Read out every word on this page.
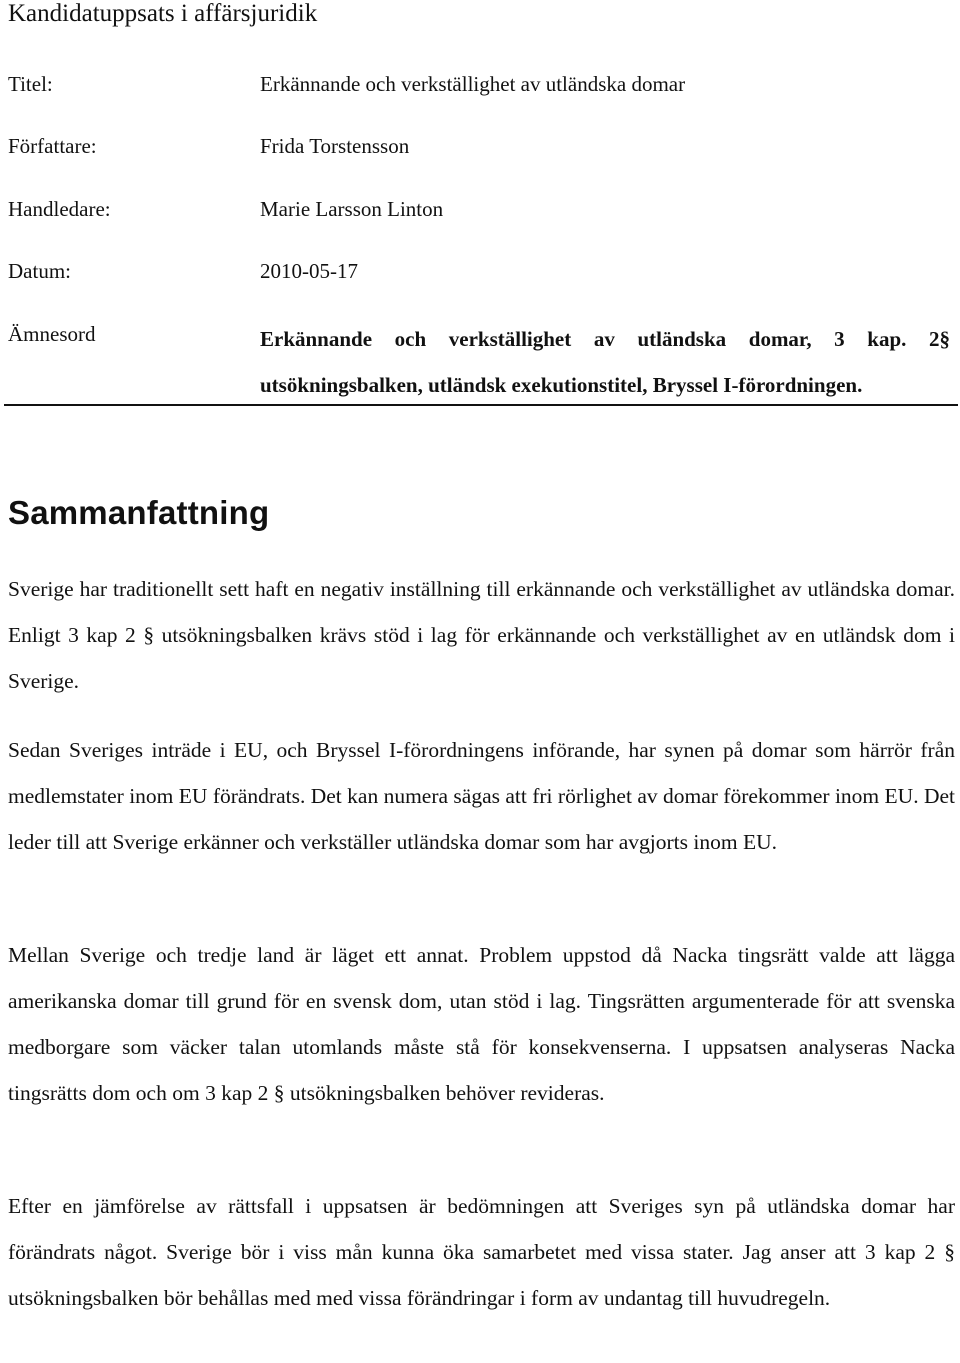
Kandidatuppsats i affärsjuridik
Titel:	Erkännande och verkställighet av utländska domar
Författare:	Frida Torstensson
Handledare:	Marie Larsson Linton
Datum:	2010-05-17
Ämnesord	Erkännande och verkställighet av utländska domar, 3 kap. 2§ utsökningsbalken, utländsk exekutionstitel, Bryssel I-förordningen.
Sammanfattning

Sverige har traditionellt sett haft en negativ inställning till erkännande och verkställighet av utländska domar. Enligt 3 kap 2 § utsökningsbalken krävs stöd i lag för erkännande och verkställighet av en utländsk dom i Sverige.

Sedan Sveriges inträde i EU, och Bryssel I-förordningens införande, har synen på domar som härrör från medlemstater inom EU förändrats. Det kan numera sägas att fri rörlighet av domar förekommer inom EU. Det leder till att Sverige erkänner och verkställer utländska domar som har avgjorts inom EU.

Mellan Sverige och tredje land är läget ett annat. Problem uppstod då Nacka tingsrätt valde att lägga amerikanska domar till grund för en svensk dom, utan stöd i lag. Tingsrätten argumenterade för att svenska medborgare som väcker talan utomlands måste stå för konsekvenserna. I uppsatsen analyseras Nacka tingsrätts dom och om 3 kap 2 § utsökningsbalken behöver revideras.

Efter en jämförelse av rättsfall i uppsatsen är bedömningen att Sveriges syn på utländska domar har förändrats något. Sverige bör i viss mån kunna öka samarbetet med vissa stater. Jag anser att 3 kap 2 § utsökningsbalken bör behållas med med vissa förändringar i form av undantag till huvudregeln.
